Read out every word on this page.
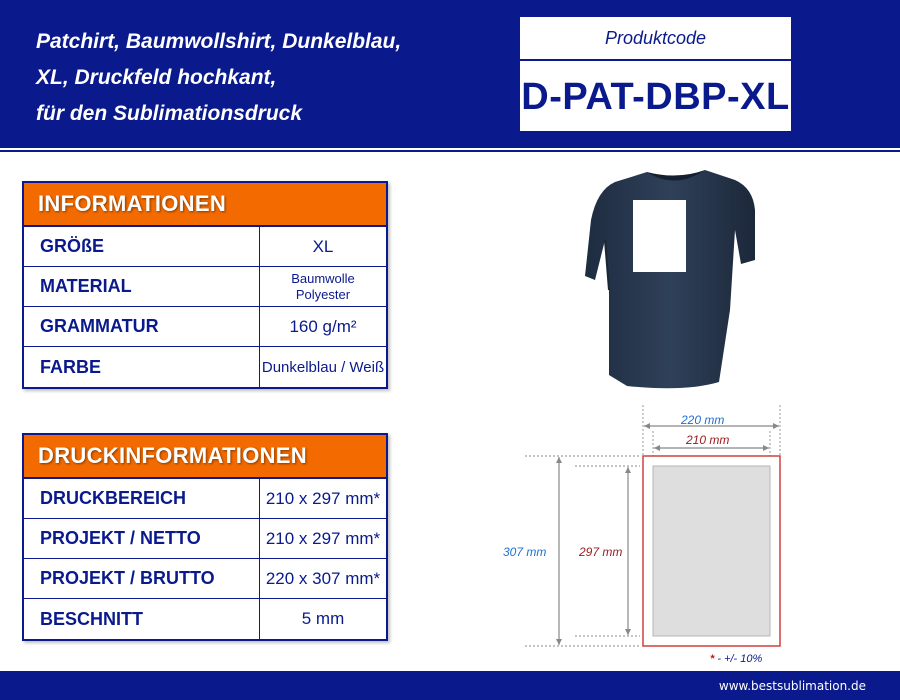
Patchirt, Baumwollshirt, Dunkelblau,
XL, Druckfeld hochkant,
für den Sublimationsdruck
Produktcode
D-PAT-DBP-XL
INFORMATIONEN
GRÖßE	XL
MATERIAL	Baumwolle
Polyester
GRAMMATUR	160 g/m²
FARBE	Dunkelblau / Weiß
DRUCKINFORMATIONEN
DRUCKBEREICH	210 x 297 mm*
PROJEKT / NETTO	210 x 297 mm*
PROJEKT / BRUTTO	220 x 307 mm*
BESCHNITT	5 mm
220 mm
210 mm
307 mm	297 mm
* - +/- 10%
www.bestsublimation.de
